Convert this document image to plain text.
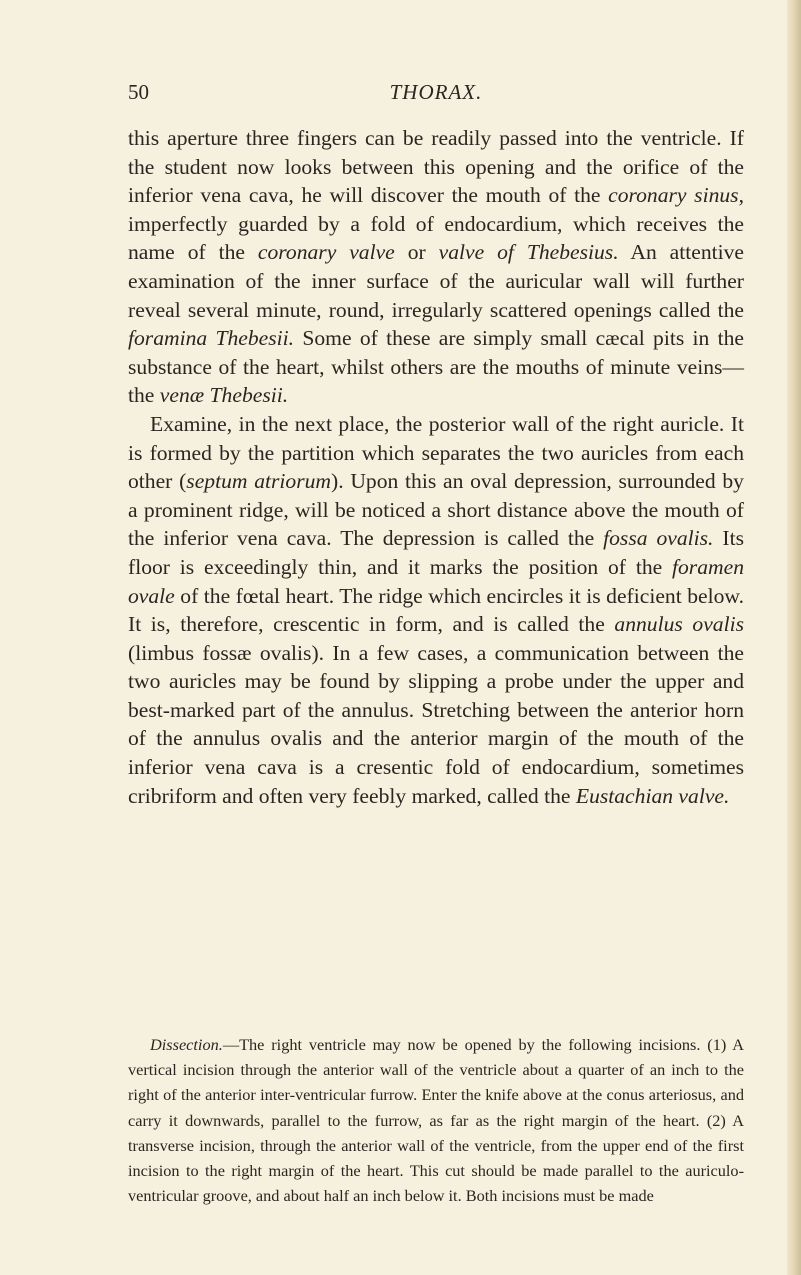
50	THORAX.

this aperture three fingers can be readily passed into the ventricle. If the student now looks between this opening and the orifice of the inferior vena cava, he will discover the mouth of the coronary sinus, imperfectly guarded by a fold of endocardium, which receives the name of the coronary valve or valve of Thebesius. An attentive examination of the inner surface of the auricular wall will further reveal several minute, round, irregularly scattered openings called the foramina Thebesii. Some of these are simply small cæcal pits in the substance of the heart, whilst others are the mouths of minute veins—the venæ Thebesii.

Examine, in the next place, the posterior wall of the right auricle. It is formed by the partition which separates the two auricles from each other (septum atriorum). Upon this an oval depression, surrounded by a prominent ridge, will be noticed a short distance above the mouth of the inferior vena cava. The depression is called the fossa ovalis. Its floor is exceedingly thin, and it marks the position of the foramen ovale of the fœtal heart. The ridge which encircles it is deficient below. It is, therefore, crescentic in form, and is called the annulus ovalis (limbus fossæ ovalis). In a few cases, a communication between the two auricles may be found by slipping a probe under the upper and best-marked part of the annulus. Stretching between the anterior horn of the annulus ovalis and the anterior margin of the mouth of the inferior vena cava is a cresentic fold of endocardium, sometimes cribriform and often very feebly marked, called the Eustachian valve.

Dissection.—The right ventricle may now be opened by the following incisions. (1) A vertical incision through the anterior wall of the ventricle about a quarter of an inch to the right of the anterior inter-ventricular furrow. Enter the knife above at the conus arteriosus, and carry it downwards, parallel to the furrow, as far as the right margin of the heart. (2) A transverse incision, through the anterior wall of the ventricle, from the upper end of the first incision to the right margin of the heart. This cut should be made parallel to the auriculo-ventricular groove, and about half an inch below it. Both incisions must be made
